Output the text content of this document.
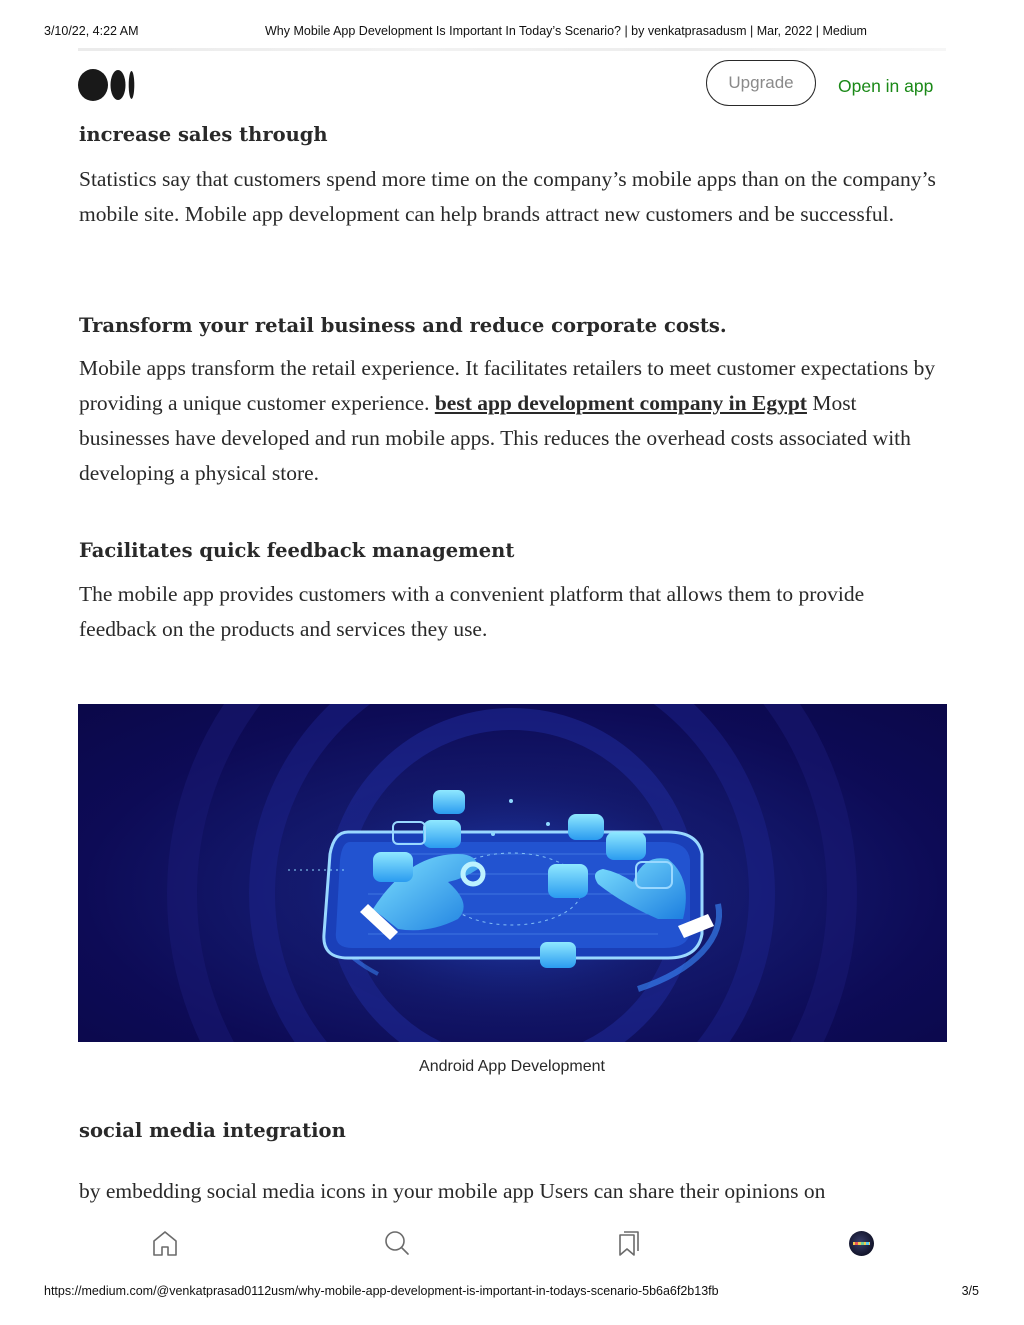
3/10/22, 4:22 AM	Why Mobile App Development Is Important In Today’s Scenario? | by venkatprasadusm | Mar, 2022 | Medium
Upgrade	Open in app
increase sales through

Statistics say that customers spend more time on the company’s mobile apps than on the company’s mobile site. Mobile app development can help brands attract new customers and be successful.

Transform your retail business and reduce corporate costs.

Mobile apps transform the retail experience. It facilitates retailers to meet customer expectations by providing a unique customer experience. best app development company in Egypt Most businesses have developed and run mobile apps. This reduces the overhead costs associated with developing a physical store.

Facilitates quick feedback management

The mobile app provides customers with a convenient platform that allows them to provide feedback on the products and services they use.

Android App Development
social media integration

by embedding social media icons in your mobile app Users can share their opinions on

https://medium.com/@venkatprasad0112usm/why-mobile-app-development-is-important-in-todays-scenario-5b6a6f2b13fb	3/5
